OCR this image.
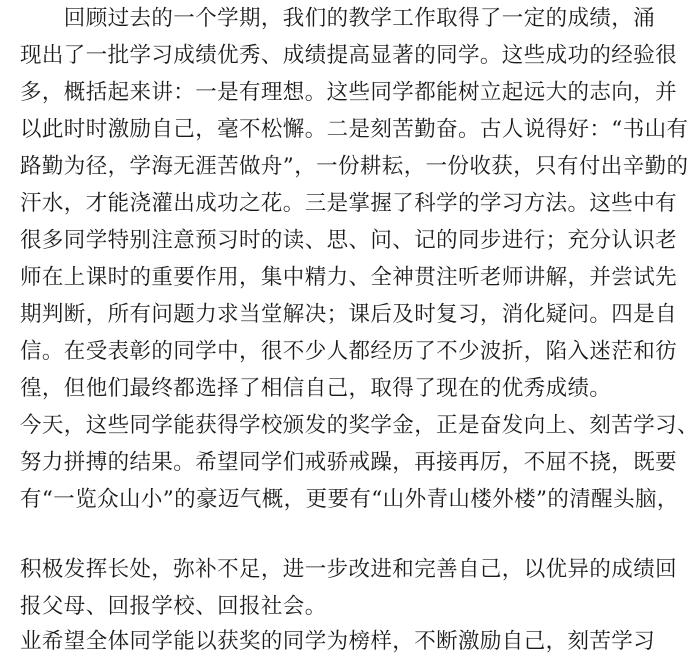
　　回顾过去的一个学期，我们的教学工作取得了一定的成绩，涌
现出了一批学习成绩优秀、成绩提高显著的同学。这些成功的经验很
多，概括起来讲：一是有理想。这些同学都能树立起远大的志向，并
以此时时激励自己，毫不松懈。二是刻苦勤奋。古人说得好：“书山有
路勤为径，学海无涯苦做舟”，一份耕耘，一份收获，只有付出辛勤的
汗水，才能浇灌出成功之花。三是掌握了科学的学习方法。这些中有
很多同学特别注意预习时的读、思、问、记的同步进行；充分认识老
师在上课时的重要作用，集中精力、全神贯注听老师讲解，并尝试先
期判断，所有问题力求当堂解决；课后及时复习，消化疑问。四是自
信。在受表彰的同学中，很不少人都经历了不少波折，陷入迷茫和彷
徨，但他们最终都选择了相信自己，取得了现在的优秀成绩。
今天，这些同学能获得学校颁发的奖学金，正是奋发向上、刻苦学习、
努力拼搏的结果。希望同学们戒骄戒躁，再接再厉，不屈不挠，既要
有“一览众山小”的豪迈气概，更要有“山外青山楼外楼”的清醒头脑，
积极发挥长处，弥补不足，进一步改进和完善自己，以优异的成绩回
报父母、回报学校、回报社会。
业希望全体同学能以获奖的同学为榜样，不断激励自己，刻苦学习
